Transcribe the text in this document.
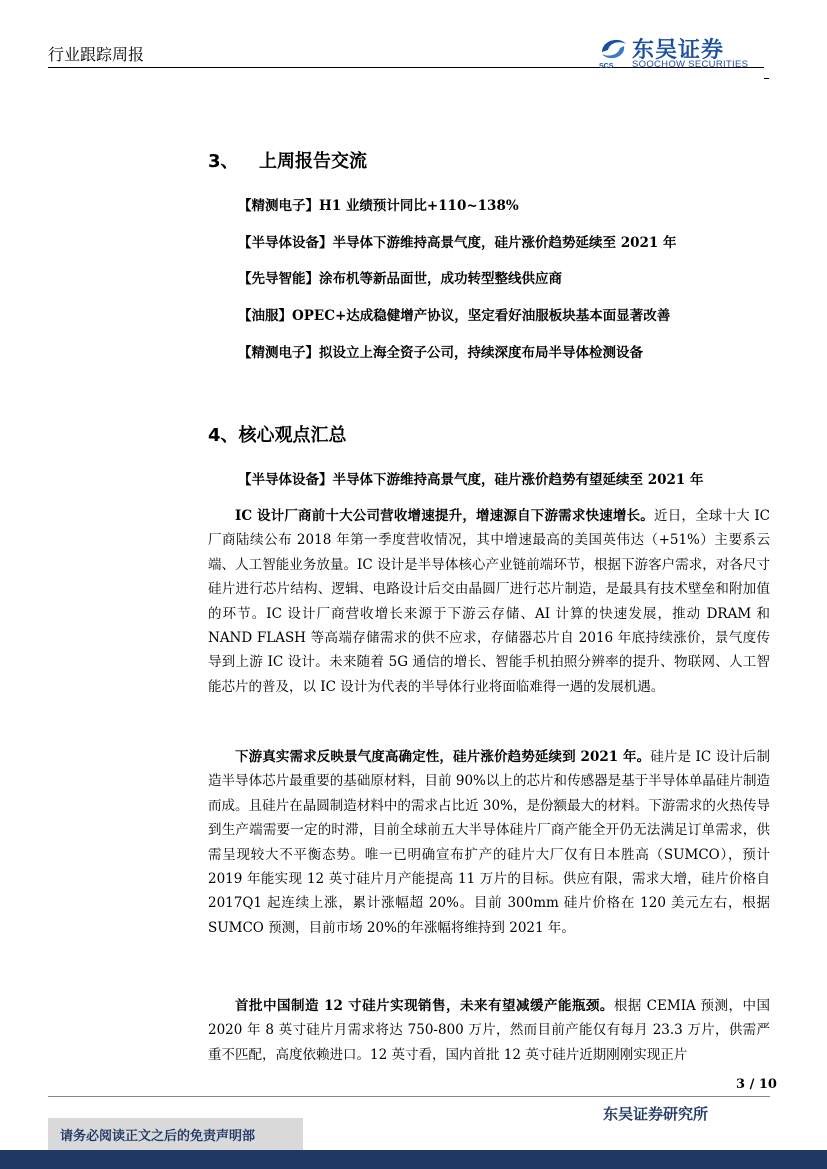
行业跟踪周报
SCS
东吴证券
SOOCHOW SECURITIES
3、 上周报告交流
【精测电子】H1 业绩预计同比+110~138%
【半导体设备】半导体下游维持高景气度，硅片涨价趋势延续至 2021 年
【先导智能】涂布机等新品面世，成功转型整线供应商
【油服】OPEC+达成稳健增产协议，坚定看好油服板块基本面显著改善
【精测电子】拟设立上海全资子公司，持续深度布局半导体检测设备
4、核心观点汇总
【半导体设备】半导体下游维持高景气度，硅片涨价趋势有望延续至 2021 年
IC 设计厂商前十大公司营收增速提升，增速源自下游需求快速增长。近日，全球十大 IC 厂商陆续公布 2018 年第一季度营收情况，其中增速最高的美国英伟达（+51%）主要系云端、人工智能业务放量。IC 设计是半导体核心产业链前端环节，根据下游客户需求，对各尺寸硅片进行芯片结构、逻辑、电路设计后交由晶圆厂进行芯片制造，是最具有技术壁垒和附加值的环节。IC 设计厂商营收增长来源于下游云存储、AI 计算的快速发展，推动 DRAM 和 NAND FLASH 等高端存储需求的供不应求，存储器芯片自 2016 年底持续涨价，景气度传导到上游 IC 设计。未来随着 5G 通信的增长、智能手机拍照分辨率的提升、物联网、人工智能芯片的普及，以 IC 设计为代表的半导体行业将面临难得一遇的发展机遇。
下游真实需求反映景气度高确定性，硅片涨价趋势延续到 2021 年。硅片是 IC 设计后制造半导体芯片最重要的基础原材料，目前 90%以上的芯片和传感器是基于半导体单晶硅片制造而成。且硅片在晶圆制造材料中的需求占比近 30%，是份额最大的材料。下游需求的火热传导到生产端需要一定的时滞，目前全球前五大半导体硅片厂商产能全开仍无法满足订单需求，供需呈现较大不平衡态势。唯一已明确宣布扩产的硅片大厂仅有日本胜高（SUMCO），预计 2019 年能实现 12 英寸硅片月产能提高 11 万片的目标。供应有限，需求大增，硅片价格自 2017Q1 起连续上涨，累计涨幅超 20%。目前 300mm 硅片价格在 120 美元左右，根据 SUMCO 预测，目前市场 20%的年涨幅将维持到 2021 年。
首批中国制造 12 寸硅片实现销售，未来有望减缓产能瓶颈。根据 CEMIA 预测，中国 2020 年 8 英寸硅片月需求将达 750-800 万片，然而目前产能仅有每月 23.3 万片，供需严重不匹配，高度依赖进口。12 英寸看，国内首批 12 英寸硅片近期刚刚实现正片
3 / 10
请务必阅读正文之后的免责声明部
东吴证券研究所
